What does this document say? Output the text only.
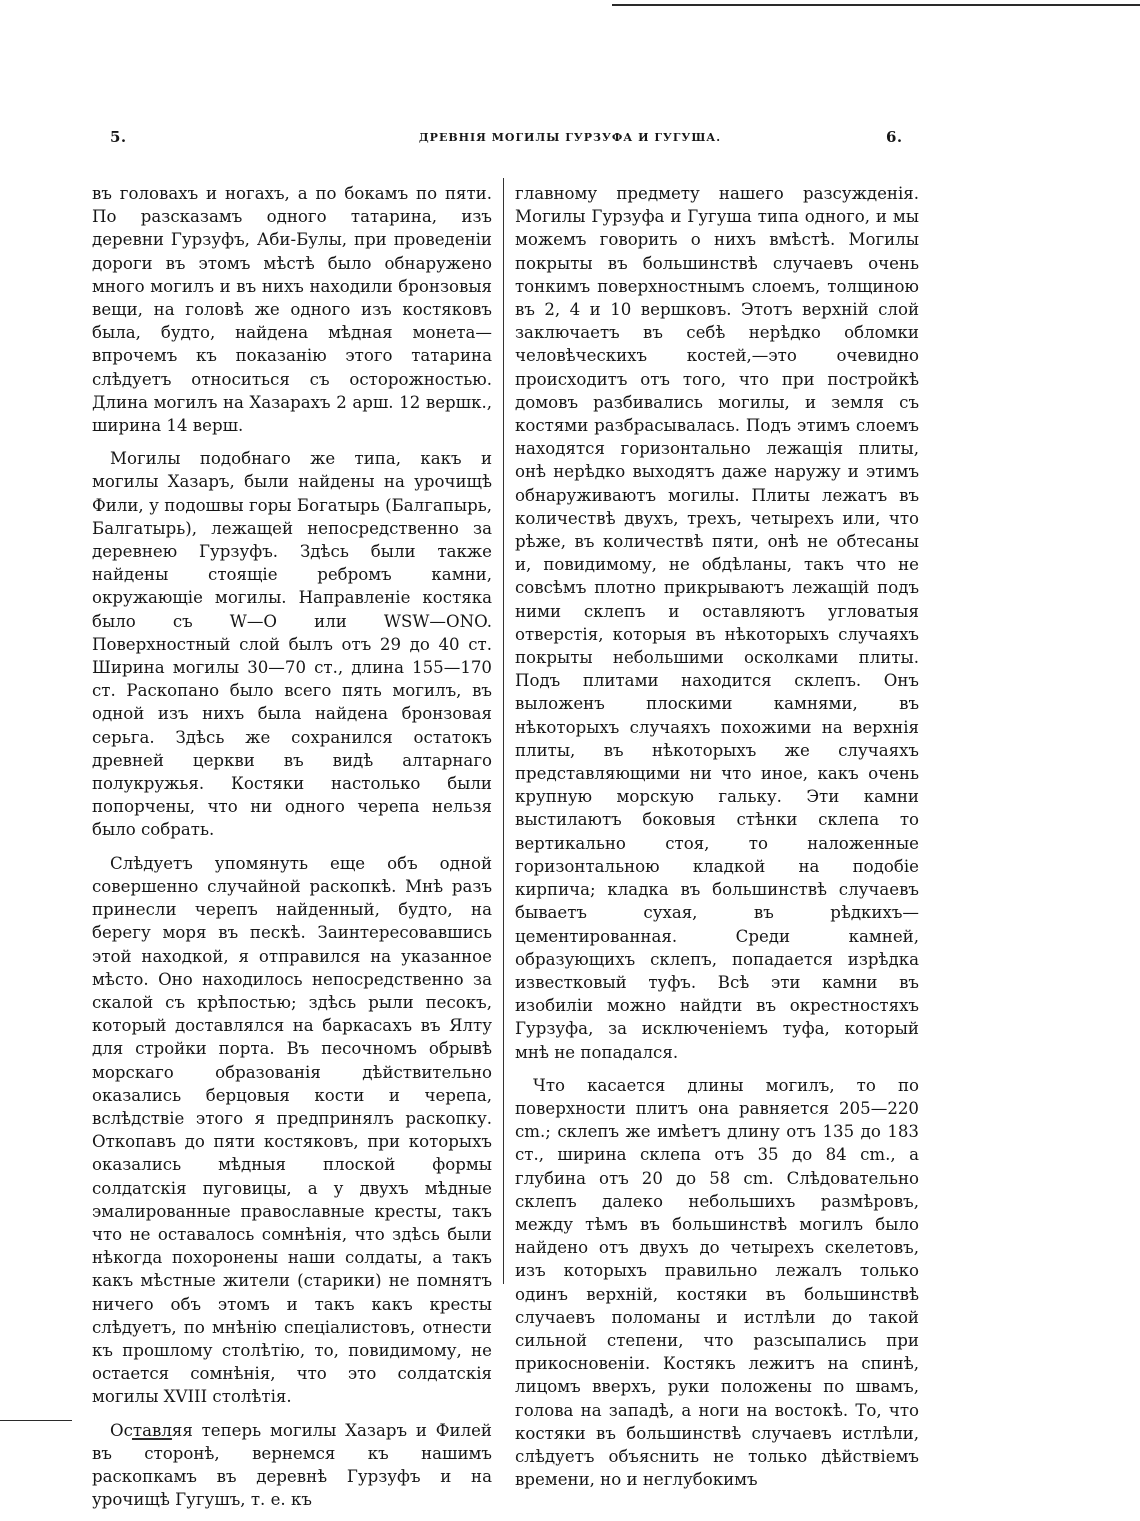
5.	ДРЕВНІЯ МОГИЛЫ ГУРЗУФА И ГУГУША.	6.

въ головахъ и ногахъ, а по бокамъ по пяти. По разсказамъ одного татарина, изъ деревни Гурзуфъ, Аби-Булы, при проведеніи дороги въ этомъ мѣстѣ было обнаружено много могилъ и въ нихъ находили бронзовыя вещи, на головѣ же одного изъ костяковъ была, будто, найдена мѣдная монета— впрочемъ къ показанію этого татарина слѣдуетъ относиться съ осторожностью. Длина могилъ на Хазарахъ 2 арш. 12 вершк., ширина 14 верш.

Могилы подобнаго же типа, какъ и могилы Хазаръ, были найдены на урочищѣ Фили, у подошвы горы Богатырь (Балгапырь, Балгатырь), лежащей непосредственно за деревнею Гурзуфъ. Здѣсь были также найдены стоящіе ребромъ камни, окружающіе могилы. Направленіе костяка было съ W—O или WSW—ONO. Поверхностный слой былъ отъ 29 до 40 ст. Ширина могилы 30—70 ст., длина 155—170 ст. Раскопано было всего пять могилъ, въ одной изъ нихъ была найдена бронзовая серьга. Здѣсь же сохранился остатокъ древней церкви въ видѣ алтарнаго полукружья. Костяки настолько были попорчены, что ни одного черепа нельзя было собрать.

Слѣдуетъ упомянуть еще объ одной совершенно случайной раскопкѣ. Мнѣ разъ принесли черепъ найденный, будто, на берегу моря въ пескѣ. Заинтересовавшись этой находкой, я отправился на указанное мѣсто. Оно находилось непосредственно за скалой съ крѣпостью; здѣсь рыли песокъ, который доставлялся на баркасахъ въ Ялту для стройки порта. Въ песочномъ обрывѣ морскаго образованія дѣйствительно оказались берцовыя кости и черепа, вслѣдствіе этого я предпринялъ раскопку. Откопавъ до пяти костяковъ, при которыхъ оказались мѣдныя плоской формы солдатскія пуговицы, а у двухъ мѣдные эмалированные православные кресты, такъ что не оставалось сомнѣнія, что здѣсь были нѣкогда похоронены наши солдаты, а такъ какъ мѣстные жители (старики) не помнятъ ничего объ этомъ и такъ какъ кресты слѣдуетъ, по мнѣнію спеціалистовъ, отнести къ прошлому столѣтію, то, повидимому, не остается сомнѣнія, что это солдатскія могилы XVIII столѣтія.

Оставляя теперь могилы Хазаръ и Филей въ сторонѣ, вернемся къ нашимъ раскопкамъ въ деревнѣ Гурзуфъ и на урочищѣ Гугушъ, т. е. къ

главному предмету нашего разсужденія. Могилы Гурзуфа и Гугуша типа одного, и мы можемъ говорить о нихъ вмѣстѣ. Могилы покрыты въ большинствѣ случаевъ очень тонкимъ поверхностнымъ слоемъ, толщиною въ 2, 4 и 10 вершковъ. Этотъ верхній слой заключаетъ въ себѣ нерѣдко обломки человѣческихъ костей,—это очевидно происходитъ отъ того, что при постройкѣ домовъ разбивались могилы, и земля съ костями разбрасывалась. Подъ этимъ слоемъ находятся горизонтально лежащія плиты, онѣ нерѣдко выходятъ даже наружу и этимъ обнаруживаютъ могилы. Плиты лежатъ въ количествѣ двухъ, трехъ, четырехъ или, что рѣже, въ количествѣ пяти, онѣ не обтесаны и, повидимому, не обдѣланы, такъ что не совсѣмъ плотно прикрываютъ лежащій подъ ними склепъ и оставляютъ угловатыя отверстія, которыя въ нѣкоторыхъ случаяхъ покрыты небольшими осколками плиты. Подъ плитами находится склепъ. Онъ выложенъ плоскими камнями, въ нѣкоторыхъ случаяхъ похожими на верхнія плиты, въ нѣкоторыхъ же случаяхъ представляющими ни что иное, какъ очень крупную морскую гальку. Эти камни выстилаютъ боковыя стѣнки склепа то вертикально стоя, то наложенные горизонтальною кладкой на подобіе кирпича; кладка въ большинствѣ случаевъ бываетъ сухая, въ рѣдкихъ—цементированная. Среди камней, образующихъ склепъ, попадается изрѣдка известковый туфъ. Всѣ эти камни въ изобиліи можно найдти въ окрестностяхъ Гурзуфа, за исключеніемъ туфа, который мнѣ не попадался.

Что касается длины могилъ, то по поверхности плитъ она равняется 205—220 cm.; склепъ же имѣетъ длину отъ 135 до 183 ст., ширина склепа отъ 35 до 84 cm., а глубина отъ 20 до 58 cm. Слѣдовательно склепъ далеко небольшихъ размѣровъ, между тѣмъ въ большинствѣ могилъ было найдено отъ двухъ до четырехъ скелетовъ, изъ которыхъ правильно лежалъ только одинъ верхній, костяки въ большинствѣ случаевъ поломаны и истлѣли до такой сильной степени, что разсыпались при прикосновеніи. Костякъ лежитъ на спинѣ, лицомъ вверхъ, руки положены по швамъ, голова на западѣ, а ноги на востокѣ. То, что костяки въ большинствѣ случаевъ истлѣли, слѣдуетъ объяснить не только дѣйствіемъ времени, но и неглубокимъ
